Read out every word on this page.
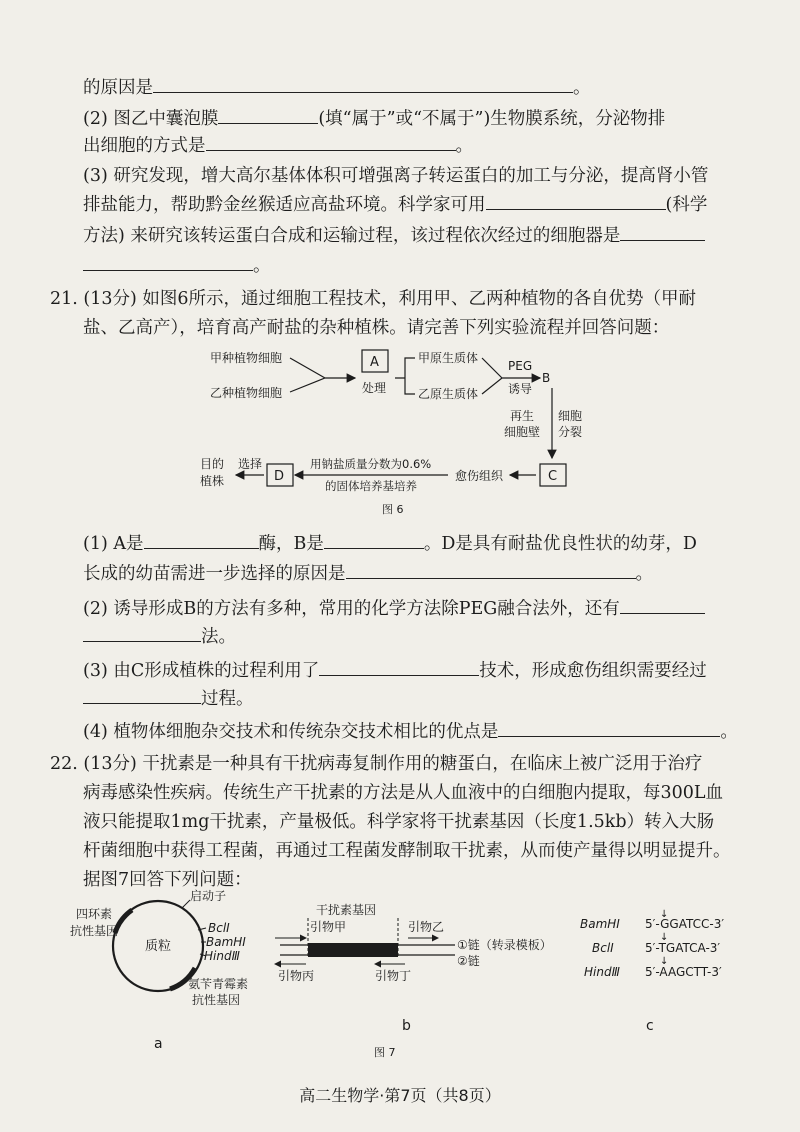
的原因是	。
(2) 图乙中囊泡膜	(填“属于”或“不属于”)生物膜系统，分泌物排
出细胞的方式是	。
(3) 研究发现，增大高尔基体体积可增强离子转运蛋白的加工与分泌，提高肾小管
排盐能力，帮助黔金丝猴适应高盐环境。科学家可用	(科学
方法) 来研究该转运蛋白合成和运输过程，该过程依次经过的细胞器是
。
21. (13分) 如图6所示，通过细胞工程技术，利用甲、乙两种植物的各自优势（甲耐
盐、乙高产），培育高产耐盐的杂种植株。请完善下列实验流程并回答问题：
甲种植物细胞
乙种植物细胞
A
处理
甲原生质体
乙原生质体
PEG
诱导
B
再生
细胞壁
细胞
分裂
C
愈伤组织
用钠盐质量分数为0.6%
的固体培养基培养
D
选择
目的
植株
图 6
(1) A是	酶，B是	。D是具有耐盐优良性状的幼芽，D
长成的幼苗需进一步选择的原因是	。
(2) 诱导形成B的方法有多种，常用的化学方法除PEG融合法外，还有
法。
(3) 由C形成植株的过程利用了	技术，形成愈伤组织需要经过
过程。
(4) 植物体细胞杂交技术和传统杂交技术相比的优点是	。
22. (13分) 干扰素是一种具有干扰病毒复制作用的糖蛋白，在临床上被广泛用于治疗
病毒感染性疾病。传统生产干扰素的方法是从人血液中的白细胞内提取，每300L血
液只能提取1mg干扰素，产量极低。科学家将干扰素基因（长度1.5kb）转入大肠
杆菌细胞中获得工程菌，再通过工程菌发酵制取干扰素，从而使产量得以明显提升。
据图7回答下列问题：
质粒
启动子
四环素
抗性基因	BclⅠ
BamHⅠ
HindⅢ
氨苄青霉素
抗性基因
a
干扰素基因
引物甲	引物乙
引物丙	引物丁
①链（转录模板）
②链
b
图 7
BamHⅠ 5′-GGATCC-3′
↓
BclⅠ	5′-TGATCA-3′
↓
HindⅢ 5′-AAGCTT-3′
↓
c
高二生物学·第7页（共8页）
